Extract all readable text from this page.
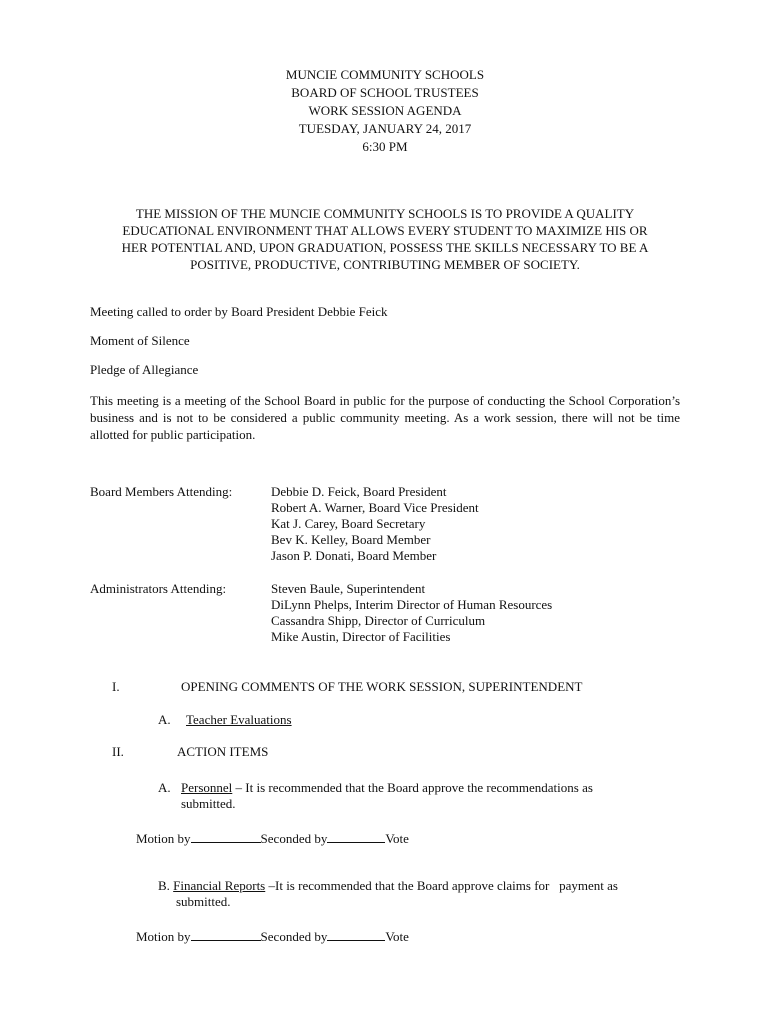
MUNCIE COMMUNITY SCHOOLS
BOARD OF SCHOOL TRUSTEES
WORK SESSION AGENDA
TUESDAY, JANUARY 24, 2017
6:30 PM
THE MISSION OF THE MUNCIE COMMUNITY SCHOOLS IS TO PROVIDE A QUALITY
EDUCATIONAL ENVIRONMENT THAT ALLOWS EVERY STUDENT TO MAXIMIZE HIS OR
HER POTENTIAL AND, UPON GRADUATION, POSSESS THE SKILLS NECESSARY TO BE A
POSITIVE, PRODUCTIVE, CONTRIBUTING MEMBER OF SOCIETY.
Meeting called to order by Board President Debbie Feick
Moment of Silence
Pledge of Allegiance
This meeting is a meeting of the School Board in public for the purpose of conducting the School Corporation’s business and is not to be considered a public community meeting. As a work session, there will not be time allotted for public participation.
Board Members Attending:	Debbie D. Feick, Board President
Robert A. Warner, Board Vice President
Kat J. Carey, Board Secretary
Bev K. Kelley, Board Member
Jason P. Donati, Board Member
Administrators Attending:	Steven Baule, Superintendent
DiLynn Phelps, Interim Director of Human Resources
Cassandra Shipp, Director of Curriculum
Mike Austin, Director of Facilities
I.	OPENING COMMENTS OF THE WORK SESSION, SUPERINTENDENT
A. Teacher Evaluations
II.	ACTION ITEMS
A. Personnel – It is recommended that the Board approve the recommendations as
submitted.
Motion by	Seconded by	Vote
B. Financial Reports –It is recommended that the Board approve claims for   payment as
submitted.
Motion by	Seconded by	Vote
